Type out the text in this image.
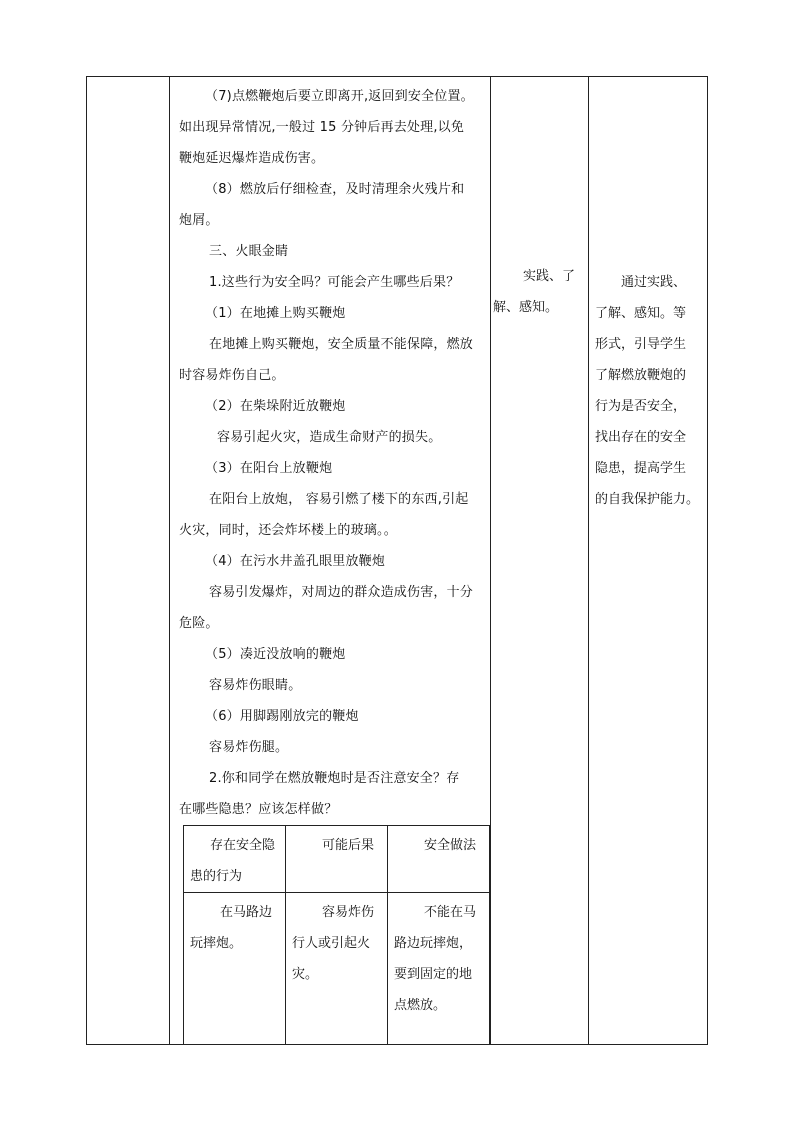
（7)点燃鞭炮后要立即离开,返回到安全位置。

如出现异常情况,一般过 15 分钟后再去处理,以免

鞭炮延迟爆炸造成伤害。

（8）燃放后仔细检查，及时清理余火残片和

炮屑。

三、火眼金睛

1.这些行为安全吗？可能会产生哪些后果？

（1）在地摊上购买鞭炮

在地摊上购买鞭炮，安全质量不能保障，燃放

时容易炸伤自己。

（2）在柴垛附近放鞭炮

容易引起火灾，造成生命财产的损失。

（3）在阳台上放鞭炮

在阳台上放炮， 容易引燃了楼下的东西,引起

火灾，同时，还会炸坏楼上的玻璃。。

（4）在污水井盖孔眼里放鞭炮

容易引发爆炸，对周边的群众造成伤害，十分

危险。

（5）凑近没放响的鞭炮

容易炸伤眼睛。

（6）用脚踢刚放完的鞭炮

容易炸伤腿。

2.你和同学在燃放鞭炮时是否注意安全？存

在哪些隐患？应该怎样做？

存在安全隐患的行为	可能后果	安全做法
在马路边玩摔炮。	容易炸伤行人或引起火灾。	不能在马路边玩摔炮，要到固定的地点燃放。
实践、了
解、感知。
通过实践、
了解、感知。等
形式，引导学生
了解燃放鞭炮的
行为是否安全，
找出存在的安全
隐患，提高学生
的自我保护能力。
